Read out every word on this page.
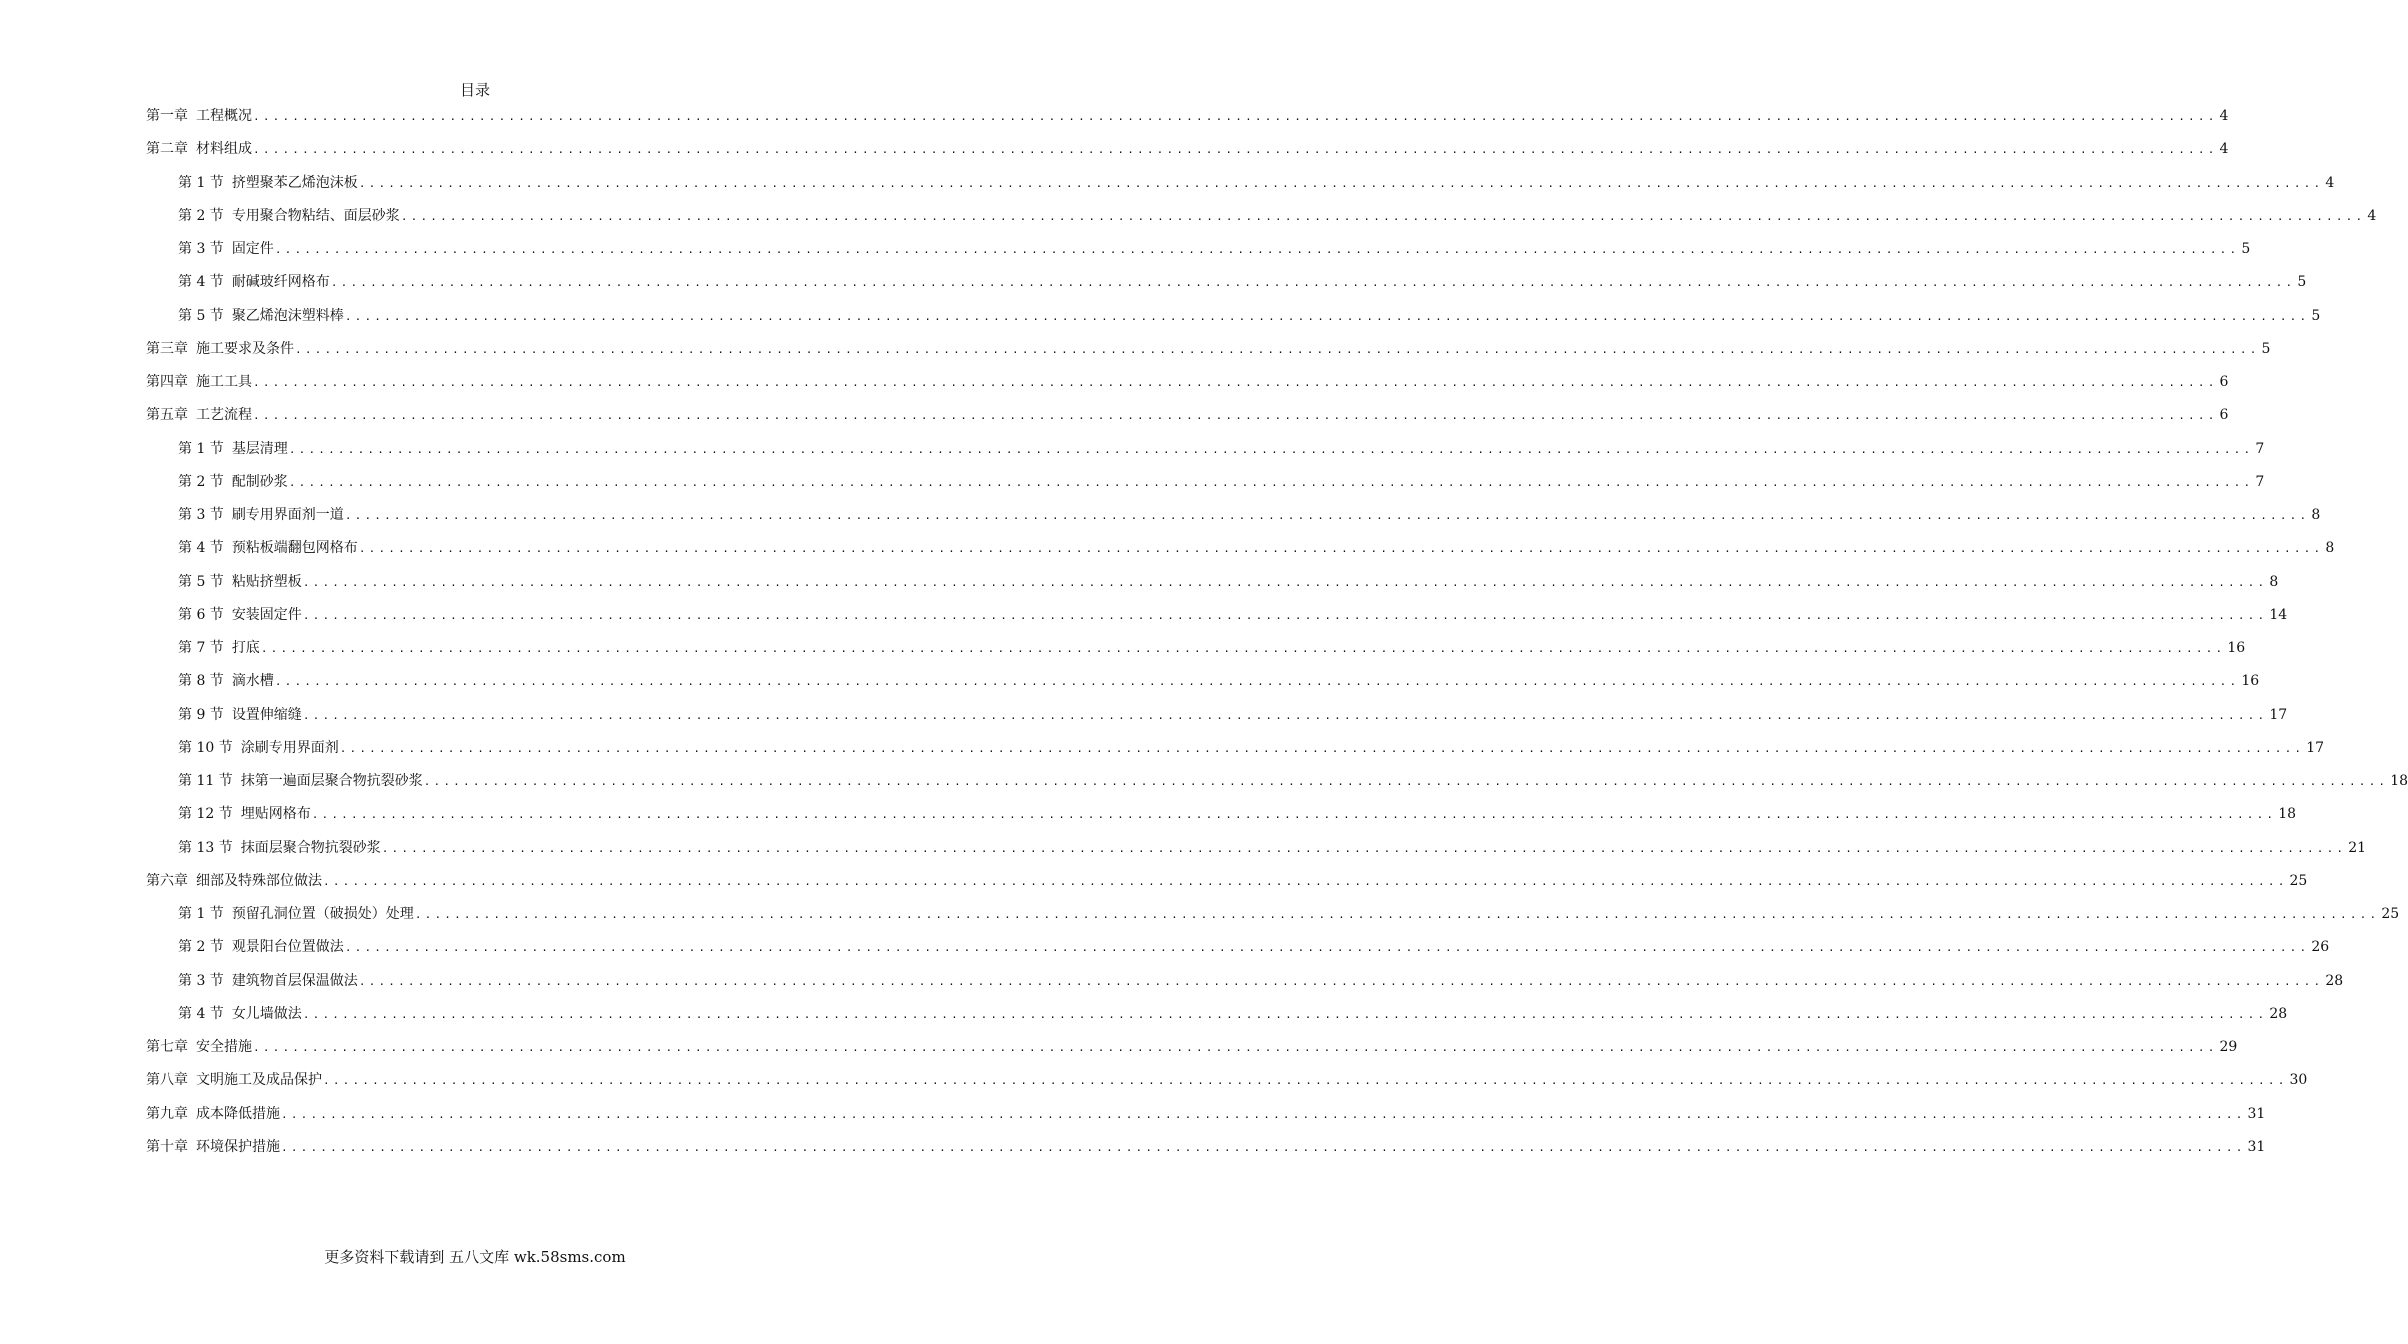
目录
第一章 工程概况 ........................................................................................................................................................................................................ 4
第二章 材料组成 ........................................................................................................................................................................................................ 4
第 1 节 挤塑聚苯乙烯泡沫板 ........................................................................................................................................................................................................ 4
第 2 节 专用聚合物粘结、面层砂浆 ........................................................................................................................................................................................................ 4
第 3 节 固定件 ........................................................................................................................................................................................................ 5
第 4 节 耐碱玻纤网格布 ........................................................................................................................................................................................................ 5
第 5 节 聚乙烯泡沫塑料棒 ........................................................................................................................................................................................................ 5
第三章 施工要求及条件 ........................................................................................................................................................................................................ 5
第四章 施工工具 ........................................................................................................................................................................................................ 6
第五章 工艺流程 ........................................................................................................................................................................................................ 6
第 1 节 基层清理 ........................................................................................................................................................................................................ 7
第 2 节 配制砂浆 ........................................................................................................................................................................................................ 7
第 3 节 刷专用界面剂一道 ........................................................................................................................................................................................................ 8
第 4 节 预粘板端翻包网格布 ........................................................................................................................................................................................................ 8
第 5 节 粘贴挤塑板 ........................................................................................................................................................................................................ 8
第 6 节 安装固定件 ........................................................................................................................................................................................................ 14
第 7 节 打底 ........................................................................................................................................................................................................ 16
第 8 节 滴水槽 ........................................................................................................................................................................................................ 16
第 9 节 设置伸缩缝 ........................................................................................................................................................................................................ 17
第 10 节 涂刷专用界面剂 ........................................................................................................................................................................................................ 17
第 11 节 抹第一遍面层聚合物抗裂砂浆 ........................................................................................................................................................................................................ 18
第 12 节 埋贴网格布 ........................................................................................................................................................................................................ 18
第 13 节 抹面层聚合物抗裂砂浆 ........................................................................................................................................................................................................ 21
第六章 细部及特殊部位做法 ........................................................................................................................................................................................................ 25
第 1 节 预留孔洞位置（破损处）处理 ........................................................................................................................................................................................................ 25
第 2 节 观景阳台位置做法 ........................................................................................................................................................................................................ 26
第 3 节 建筑物首层保温做法 ........................................................................................................................................................................................................ 28
第 4 节 女儿墙做法 ........................................................................................................................................................................................................ 28
第七章 安全措施 ........................................................................................................................................................................................................ 29
第八章 文明施工及成品保护 ........................................................................................................................................................................................................ 30
第九章 成本降低措施 ........................................................................................................................................................................................................ 31
第十章 环境保护措施 ........................................................................................................................................................................................................ 31
更多资料下载请到 五八文库 wk.58sms.com
